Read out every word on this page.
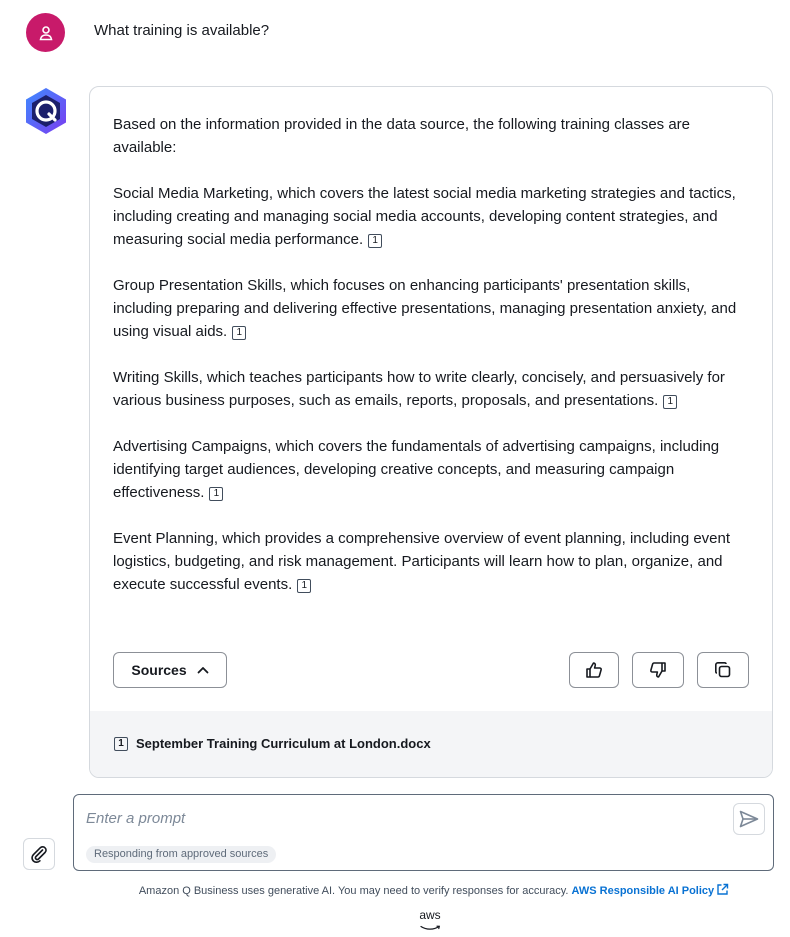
What training is available?

Based on the information provided in the data source, the following training classes are available:

Social Media Marketing, which covers the latest social media marketing strategies and tactics, including creating and managing social media accounts, developing content strategies, and measuring social media performance. 1

Group Presentation Skills, which focuses on enhancing participants' presentation skills, including preparing and delivering effective presentations, managing presentation anxiety, and using visual aids. 1

Writing Skills, which teaches participants how to write clearly, concisely, and persuasively for various business purposes, such as emails, reports, proposals, and presentations. 1

Advertising Campaigns, which covers the fundamentals of advertising campaigns, including identifying target audiences, developing creative concepts, and measuring campaign effectiveness. 1

Event Planning, which provides a comprehensive overview of event planning, including event logistics, budgeting, and risk management. Participants will learn how to plan, organize, and execute successful events. 1

Sources
1 September Training Curriculum at London.docx
Enter a prompt
Responding from approved sources
Amazon Q Business uses generative AI. You may need to verify responses for accuracy. AWS Responsible AI Policy
aws
